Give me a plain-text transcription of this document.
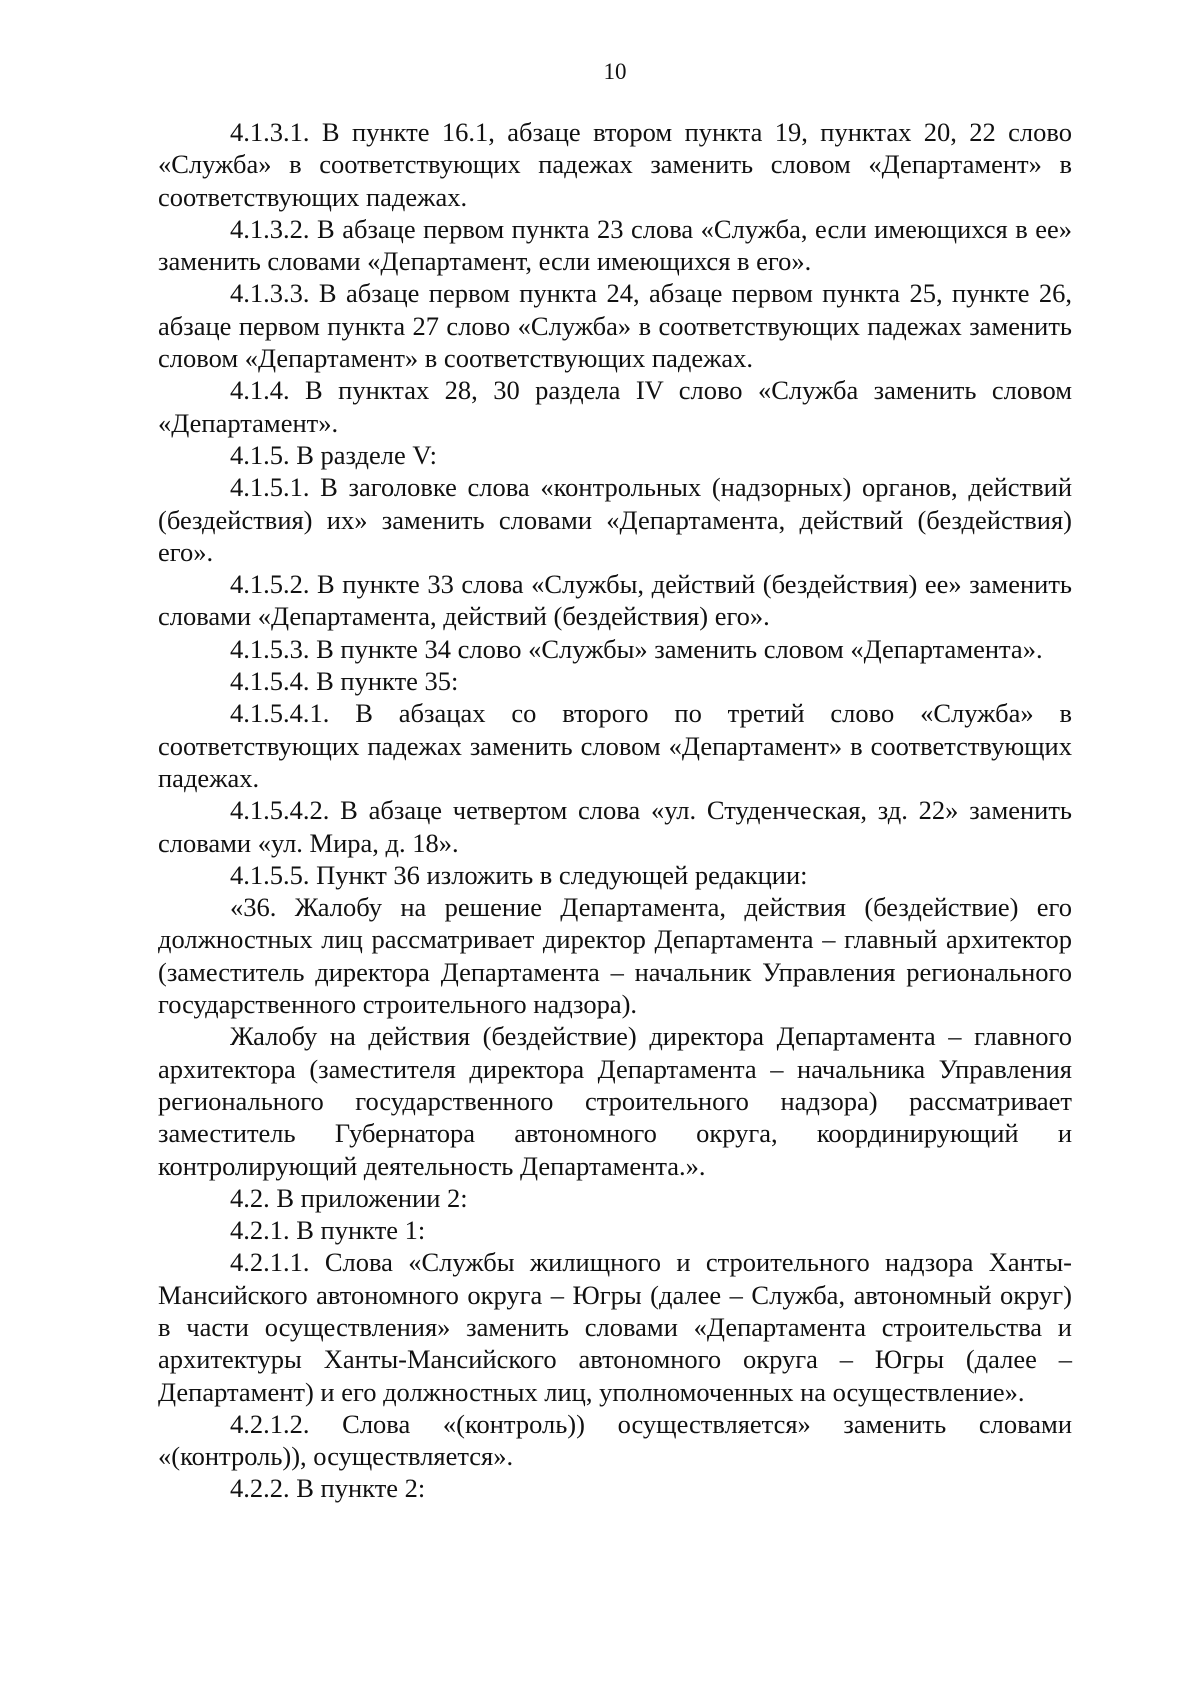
10

4.1.3.1. В пункте 16.1, абзаце втором пункта 19, пунктах 20, 22 слово «Служба» в соответствующих падежах заменить словом «Департамент» в соответствующих падежах.

4.1.3.2. В абзаце первом пункта 23 слова «Служба, если имеющихся в ее» заменить словами «Департамент, если имеющихся в его».

4.1.3.3. В абзаце первом пункта 24, абзаце первом пункта 25, пункте 26, абзаце первом пункта 27 слово «Служба» в соответствующих падежах заменить словом «Департамент» в соответствующих падежах.

4.1.4. В пунктах 28, 30 раздела IV слово «Служба заменить словом «Департамент».

4.1.5. В разделе V:

4.1.5.1. В заголовке слова «контрольных (надзорных) органов, действий (бездействия) их» заменить словами «Департамента, действий (бездействия) его».

4.1.5.2. В пункте 33 слова «Службы, действий (бездействия) ее» заменить словами «Департамента, действий (бездействия) его».

4.1.5.3. В пункте 34 слово «Службы» заменить словом «Департамента».

4.1.5.4. В пункте 35:

4.1.5.4.1. В абзацах со второго по третий слово «Служба» в соответствующих падежах заменить словом «Департамент» в соответствующих падежах.

4.1.5.4.2. В абзаце четвертом слова «ул. Студенческая, зд. 22» заменить словами «ул. Мира, д. 18».

4.1.5.5. Пункт 36 изложить в следующей редакции:

«36. Жалобу на решение Департамента, действия (бездействие) его должностных лиц рассматривает директор Департамента – главный архитектор (заместитель директора Департамента – начальник Управления регионального государственного строительного надзора).

Жалобу на действия (бездействие) директора Департамента – главного архитектора (заместителя директора Департамента – начальника Управления регионального государственного строительного надзора) рассматривает заместитель Губернатора автономного округа, координирующий и контролирующий деятельность Департамента.».

4.2. В приложении 2:

4.2.1. В пункте 1:

4.2.1.1. Слова «Службы жилищного и строительного надзора Ханты-Мансийского автономного округа – Югры (далее – Служба, автономный округ) в части осуществления» заменить словами «Департамента строительства и архитектуры Ханты-Мансийского автономного округа – Югры (далее – Департамент) и его должностных лиц, уполномоченных на осуществление».

4.2.1.2. Слова «(контроль)) осуществляется» заменить словами «(контроль)), осуществляется».

4.2.2. В пункте 2:
